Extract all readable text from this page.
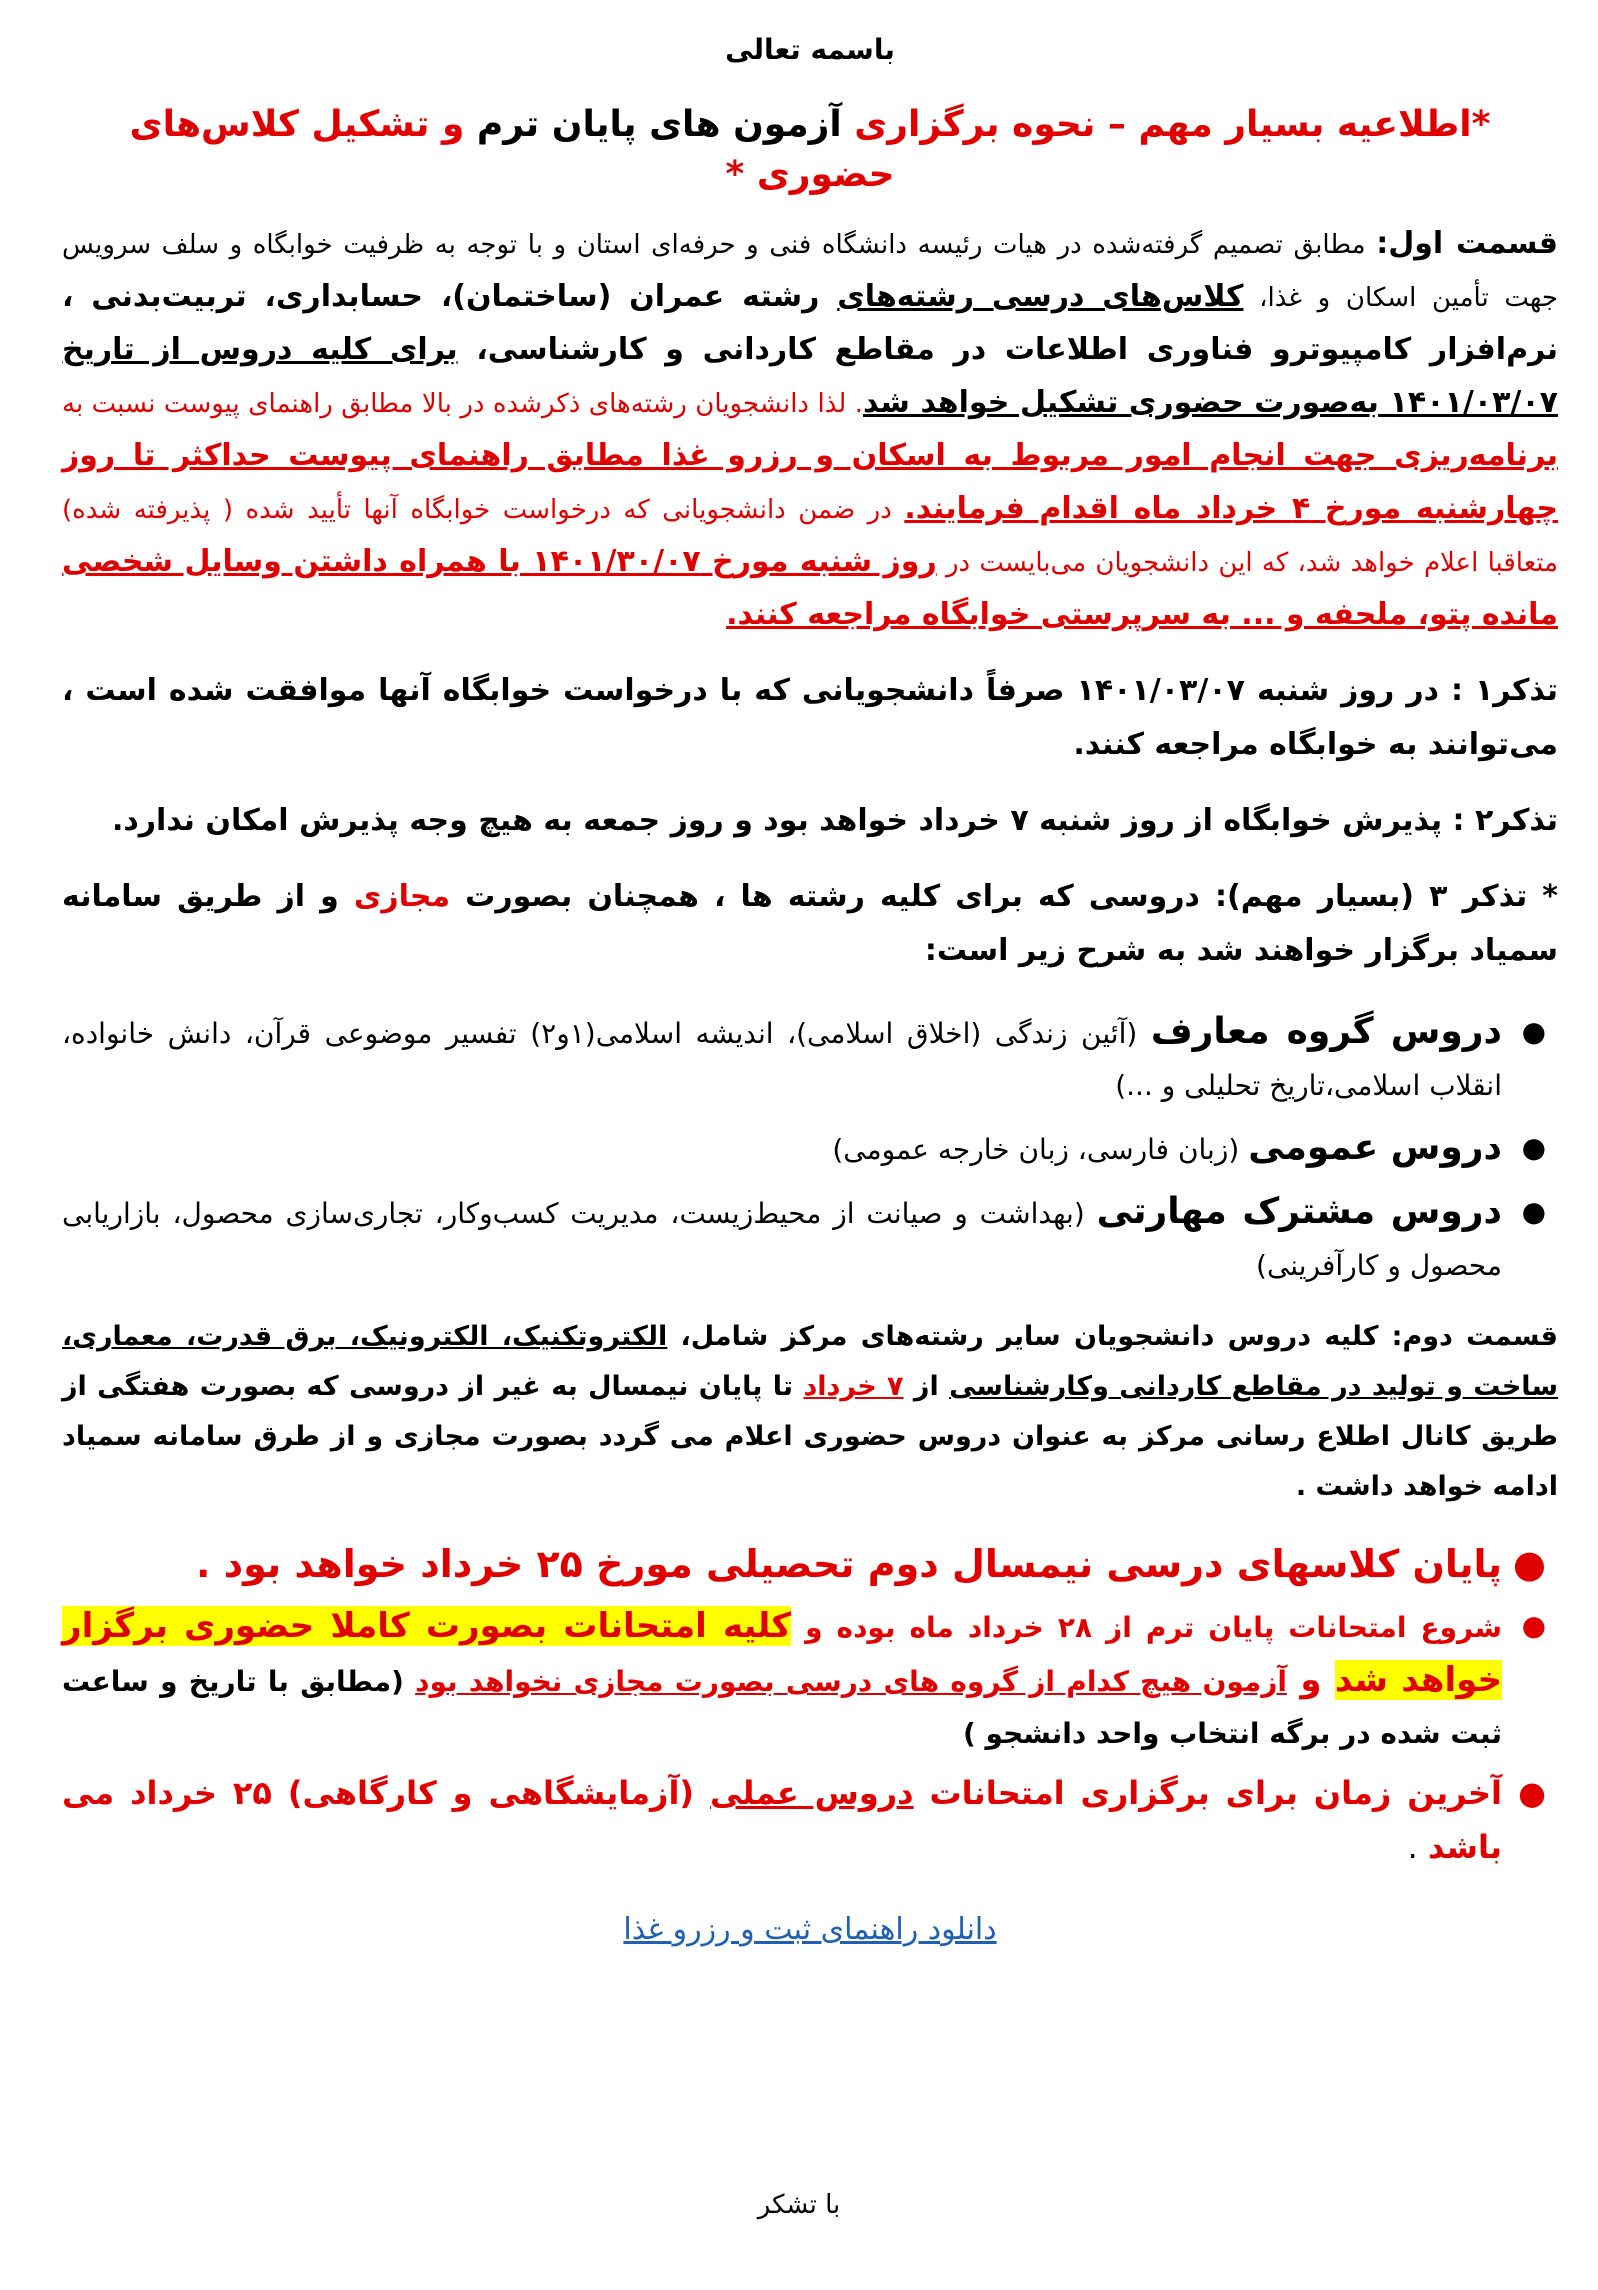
باسمه تعالی
*اطلاعیه بسیار مهم – نحوه برگزاری آزمون های پایان ترم و تشکیل کلاس‌های حضوری *
قسمت اول: مطابق تصمیم گرفته‌شده در هیات رئیسه دانشگاه فنی و حرفه‌ای استان و با توجه به ظرفیت خوابگاه و سلف سرویس جهت تأمین اسکان و غذا، کلاس‌های درسی رشته‌های رشته عمران (ساختمان)، حسابداری، تربیت‌بدنی ، نرم‌افزار کامپیوترو فناوری اطلاعات در مقاطع کاردانی و کارشناسی، برای کلیه دروس از تاریخ ۱۴۰۱/۰۳/۰۷ به‌صورت حضوری تشکیل خواهد شد. لذا دانشجویان رشته‌های ذکرشده در بالا مطابق راهنمای پیوست نسبت به برنامه‌ریزی جهت انجام امور مربوط به اسکان و رزرو غذا مطابق راهنمای پیوست حداکثر تا روز چهارشنبه مورخ ۴ خرداد ماه اقدام فرمایند. در ضمن دانشجویانی که درخواست خوابگاه آنها تأیید شده ( پذیرفته شده) متعاقبا اعلام خواهد شد، که این دانشجویان می‌بایست در روز شنبه مورخ ۱۴۰۱/۳۰/۰۷ با همراه داشتن وسایل شخصی مانده پتو، ملحفه و ... به سرپرستی خوابگاه مراجعه کنند.
تذکر۱ : در روز شنبه ۱۴۰۱/۰۳/۰۷ صرفاً دانشجویانی که با درخواست خوابگاه آنها موافقت شده است ، می‌توانند به خوابگاه مراجعه کنند.
تذکر۲ : پذیرش خوابگاه از روز شنبه ۷ خرداد خواهد بود و روز جمعه به هیچ وجه پذیرش امکان ندارد.
* تذکر ۳ (بسیار مهم): دروسی که برای کلیه رشته ها ، همچنان بصورت مجازی و از طریق سامانه سمیاد برگزار خواهند شد به شرح زیر است:
●
دروس گروه معارف (آئین زندگی (اخلاق اسلامی)، اندیشه اسلامی(۱و۲) تفسیر موضوعی قرآن، دانش خانواده، انقلاب اسلامی،تاریخ تحلیلی و ...)
●
دروس عمومی (زبان فارسی، زبان خارجه عمومی)
●
دروس مشترک مهارتی (بهداشت و صیانت از محیط‌زیست، مدیریت کسب‌وکار، تجاری‌سازی محصول، بازاریابی محصول و کارآفرینی)
قسمت دوم: کلیه دروس دانشجویان سایر رشته‌های مرکز شامل، الکتروتکنیک، الکترونیک، برق قدرت، معماری، ساخت و تولید در مقاطع کاردانی وکارشناسی از ۷ خرداد تا پایان نیمسال به غیر از دروسی که بصورت هفتگی از طریق کانال اطلاع رسانی مرکز به عنوان دروس حضوری اعلام می گردد بصورت مجازی و از طرق سامانه سمیاد ادامه خواهد داشت .
●
پایان کلاسهای درسی نیمسال دوم تحصیلی مورخ ۲۵ خرداد خواهد بود .
●
شروع امتحانات پایان ترم از ۲۸ خرداد ماه بوده و کلیه امتحانات بصورت کاملا حضوری برگزار خواهد شد و آزمون هیچ کدام از گروه های درسی بصورت مجازی نخواهد بود (مطابق با تاریخ و ساعت ثبت شده در برگه انتخاب واحد دانشجو )
●
آخرین زمان برای برگزاری امتحانات دروس عملی (آزمایشگاهی و کارگاهی) ۲۵ خرداد می باشد .
دانلود راهنمای ثبت و رزرو غذا
با تشکر
